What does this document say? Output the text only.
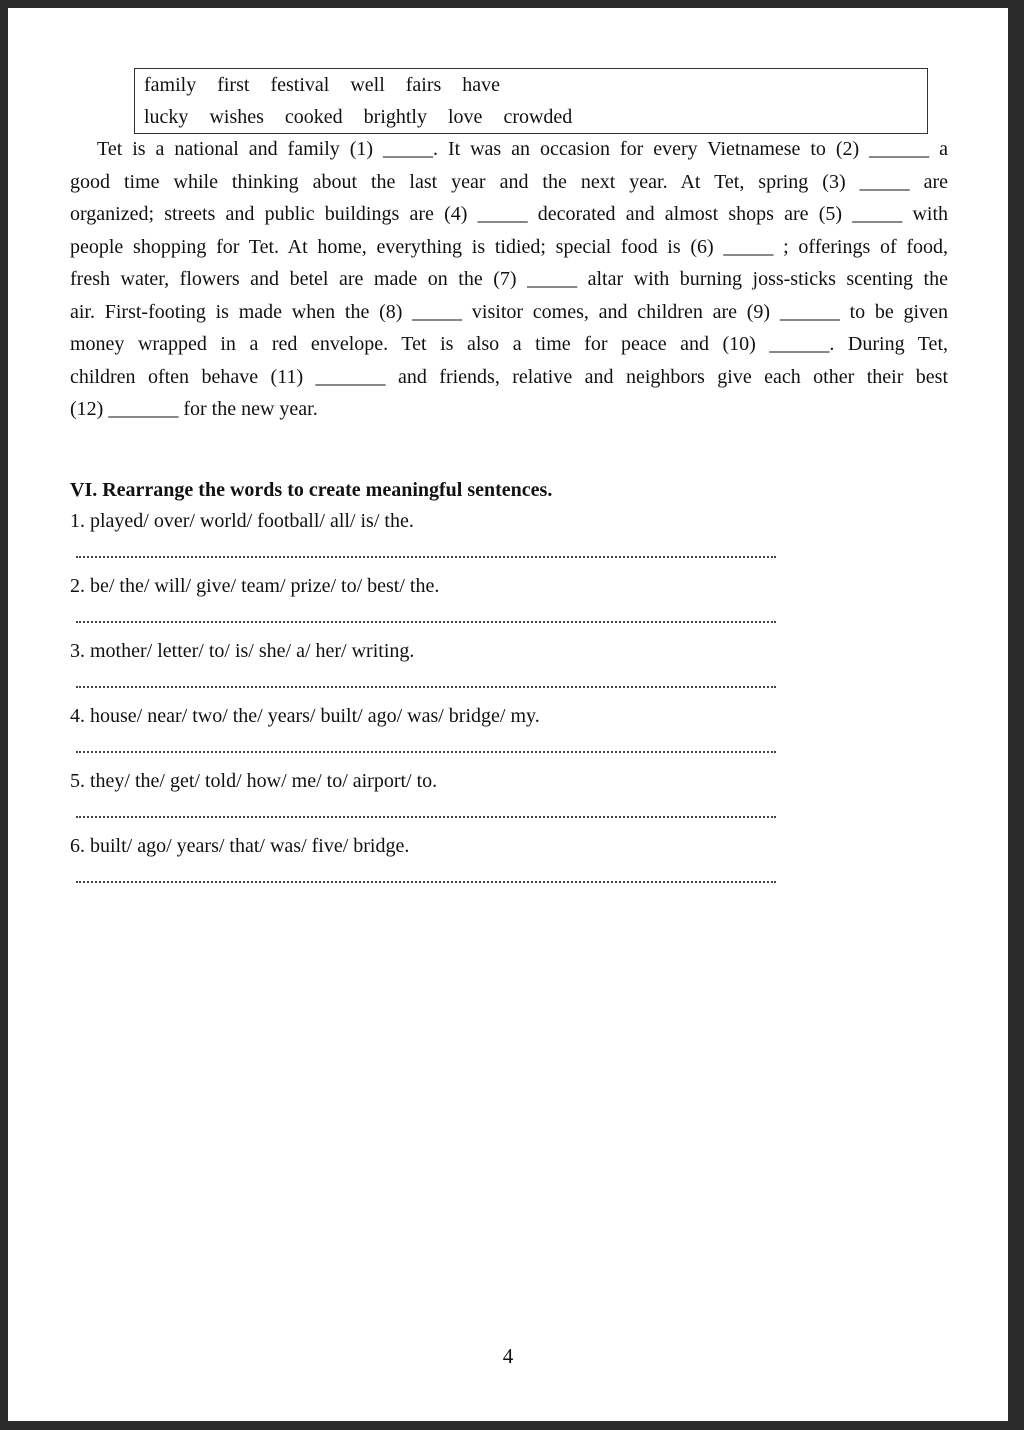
family first festival well fairs have
lucky wishes cooked brightly love crowded
Tet is a national and family (1) _____. It was an occasion for every Vietnamese to (2) ______ a
good time while thinking about the last year and the next year. At Tet, spring (3) _____ are
organized; streets and public buildings are (4) _____ decorated and almost shops are (5) _____ with
people shopping for Tet. At home, everything is tidied; special food is (6) _____ ; offerings of food,
fresh water, flowers and betel are made on the (7) _____ altar with burning joss-sticks scenting the
air. First-footing is made when the (8) _____ visitor comes, and children are (9) ______ to be given
money wrapped in a red envelope. Tet is also a time for peace and (10) ______. During Tet,
children often behave (11) _______ and friends, relative and neighbors give each other their best
(12) _______ for the new year.
VI. Rearrange the words to create meaningful sentences.
1. played/ over/ world/ football/ all/ is/ the.
2. be/ the/ will/ give/ team/ prize/ to/ best/ the.
3. mother/ letter/ to/ is/ she/ a/ her/ writing.
4. house/ near/ two/ the/ years/ built/ ago/ was/ bridge/ my.
5. they/ the/ get/ told/ how/ me/ to/ airport/ to.
6. built/ ago/ years/ that/ was/ five/ bridge.
4
